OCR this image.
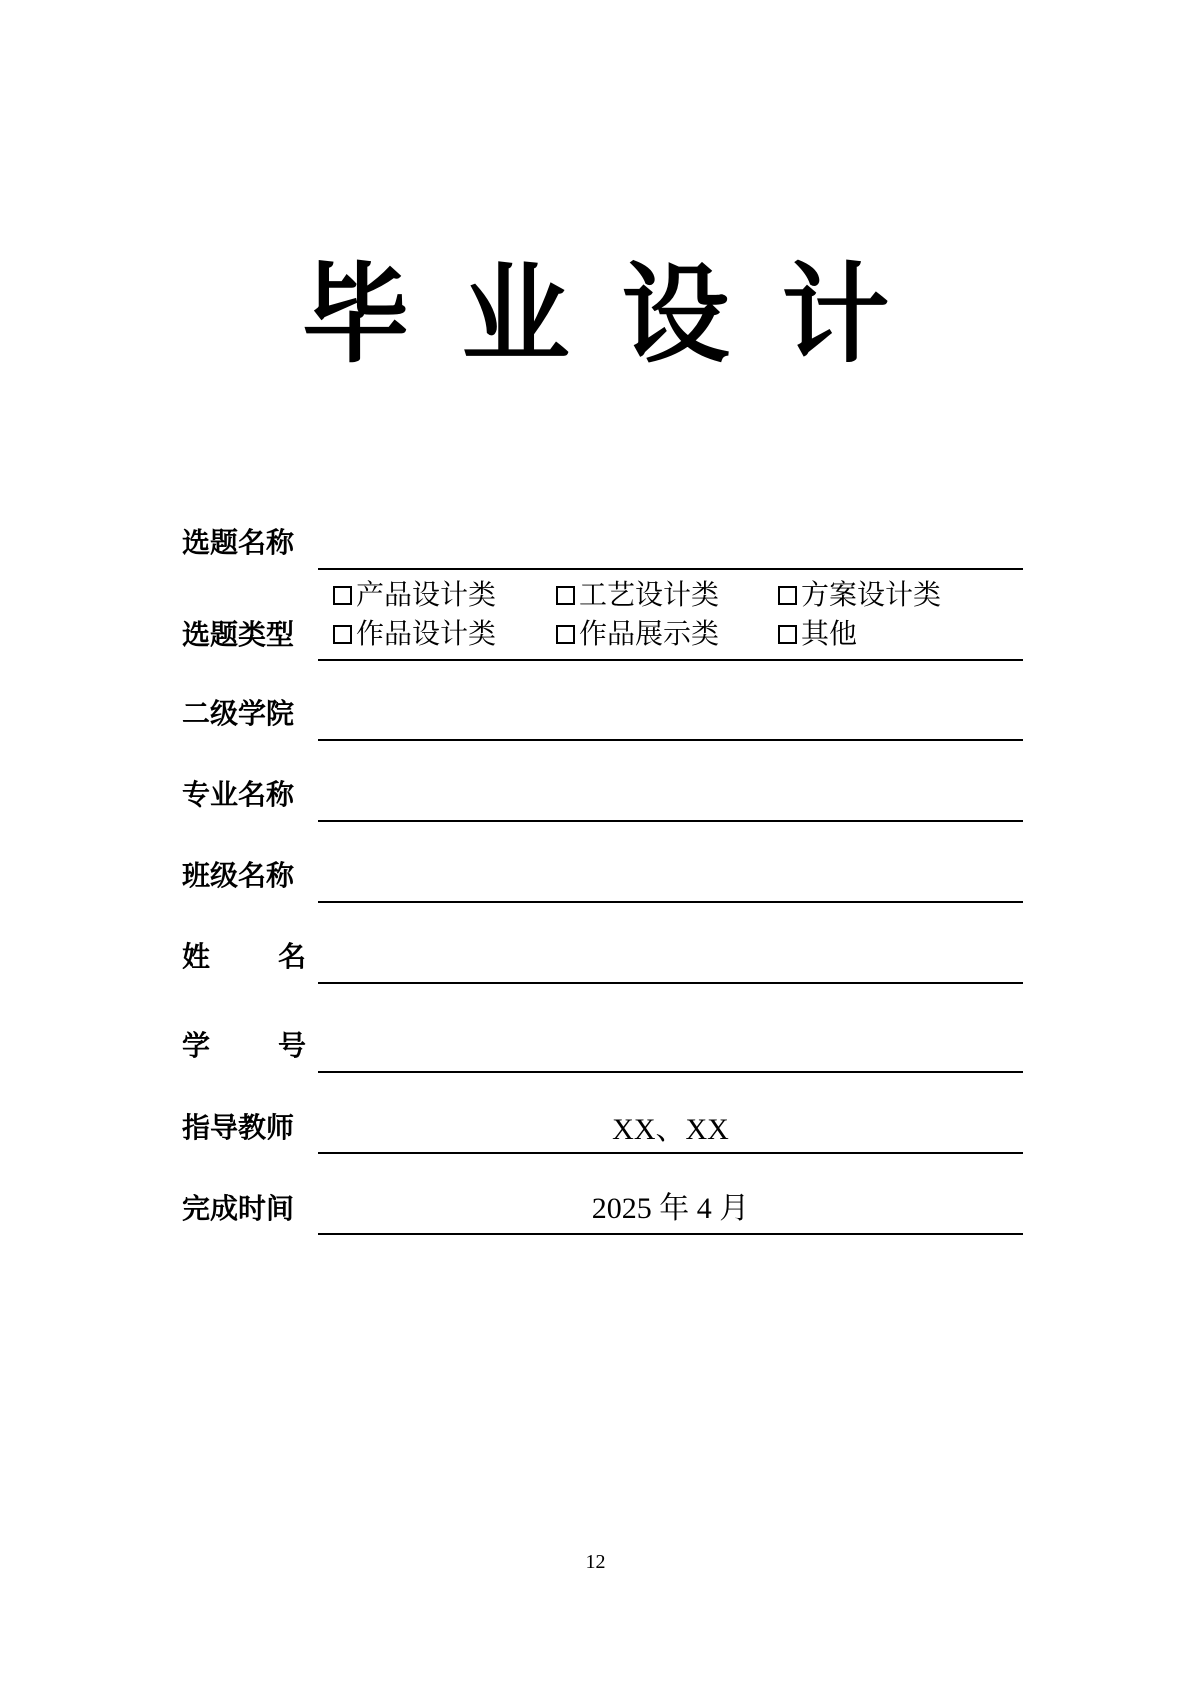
毕业设计
选题名称
选题类型
产品设计类	工艺设计类	方案设计类
作品设计类	作品展示类	其他
二级学院
专业名称
班级名称
姓 名
学 号
指导教师	XX、XX
完成时间	2025 年 4 月
12
